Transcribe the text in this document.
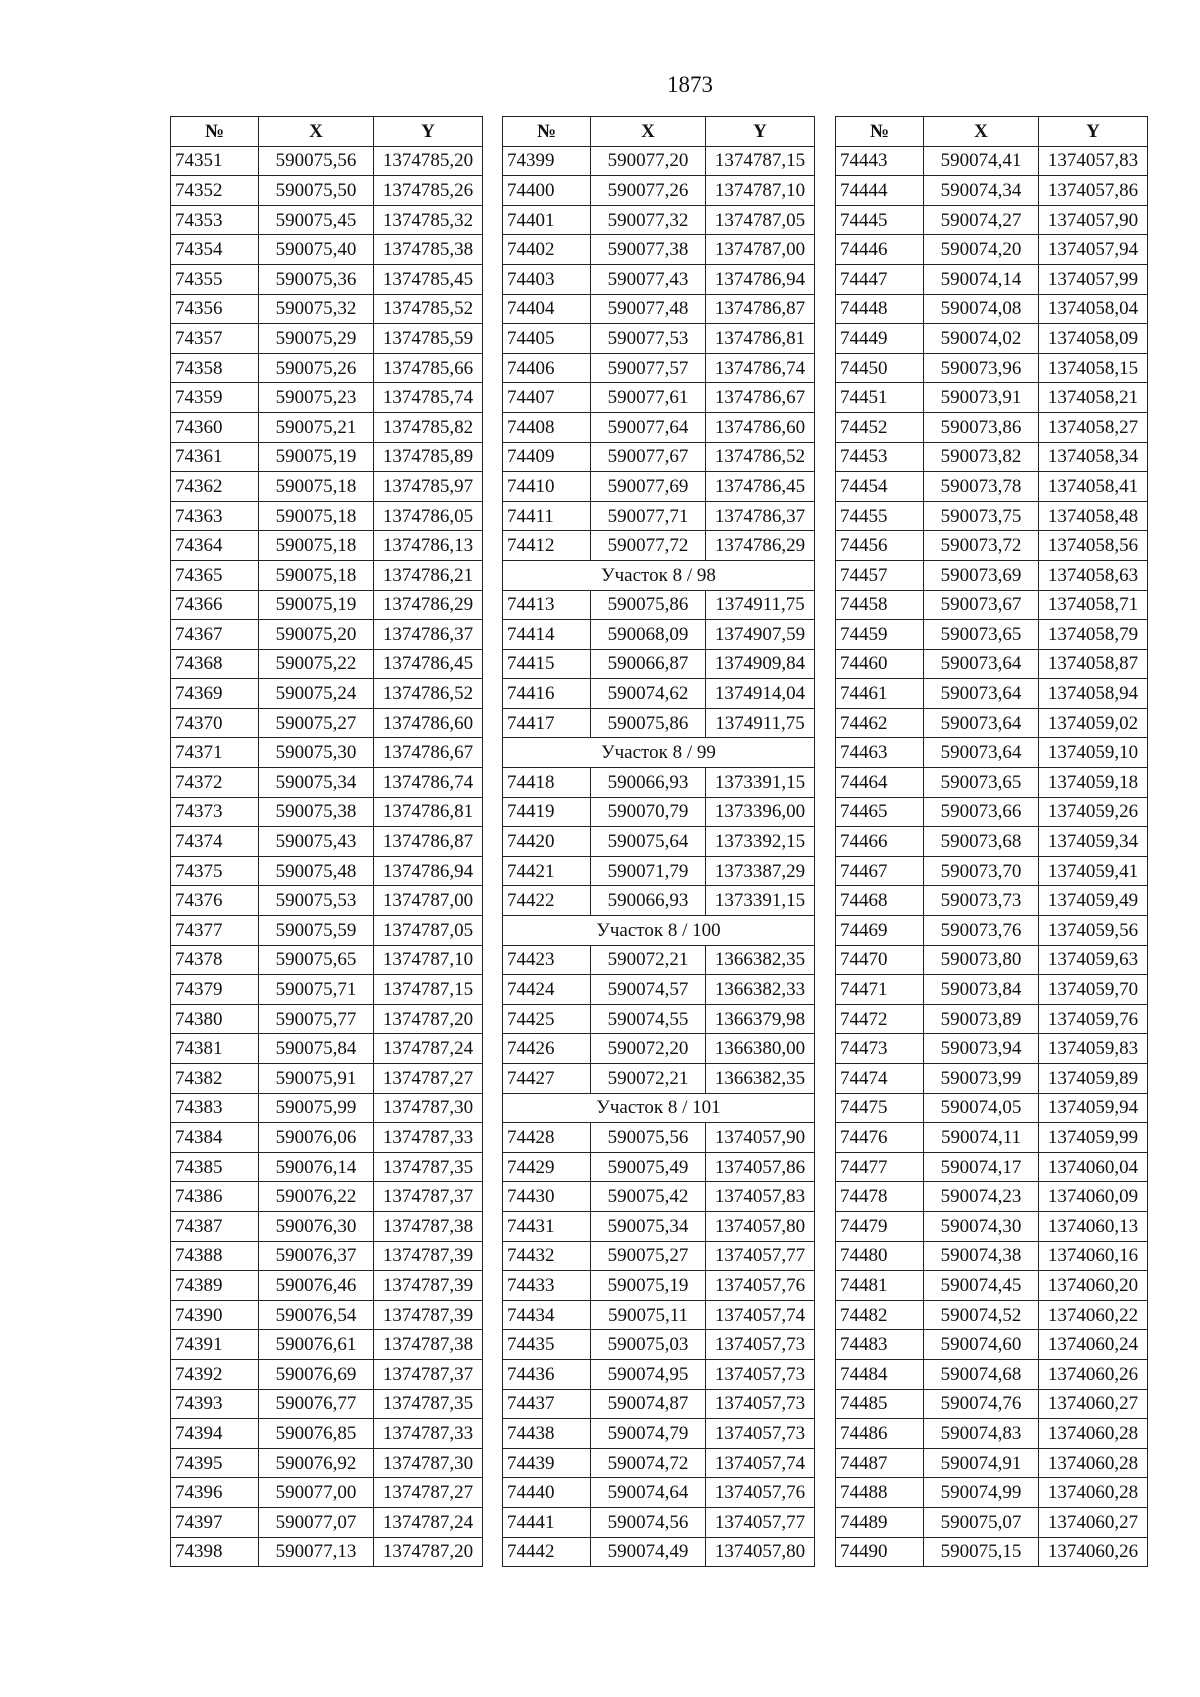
1873
№	X	Y
74351	590075,56	1374785,20
74352	590075,50	1374785,26
74353	590075,45	1374785,32
74354	590075,40	1374785,38
74355	590075,36	1374785,45
74356	590075,32	1374785,52
74357	590075,29	1374785,59
74358	590075,26	1374785,66
74359	590075,23	1374785,74
74360	590075,21	1374785,82
74361	590075,19	1374785,89
74362	590075,18	1374785,97
74363	590075,18	1374786,05
74364	590075,18	1374786,13
74365	590075,18	1374786,21
74366	590075,19	1374786,29
74367	590075,20	1374786,37
74368	590075,22	1374786,45
74369	590075,24	1374786,52
74370	590075,27	1374786,60
74371	590075,30	1374786,67
74372	590075,34	1374786,74
74373	590075,38	1374786,81
74374	590075,43	1374786,87
74375	590075,48	1374786,94
74376	590075,53	1374787,00
74377	590075,59	1374787,05
74378	590075,65	1374787,10
74379	590075,71	1374787,15
74380	590075,77	1374787,20
74381	590075,84	1374787,24
74382	590075,91	1374787,27
74383	590075,99	1374787,30
74384	590076,06	1374787,33
74385	590076,14	1374787,35
74386	590076,22	1374787,37
74387	590076,30	1374787,38
74388	590076,37	1374787,39
74389	590076,46	1374787,39
74390	590076,54	1374787,39
74391	590076,61	1374787,38
74392	590076,69	1374787,37
74393	590076,77	1374787,35
74394	590076,85	1374787,33
74395	590076,92	1374787,30
74396	590077,00	1374787,27
74397	590077,07	1374787,24
74398	590077,13	1374787,20
№	X	Y
74399	590077,20	1374787,15
74400	590077,26	1374787,10
74401	590077,32	1374787,05
74402	590077,38	1374787,00
74403	590077,43	1374786,94
74404	590077,48	1374786,87
74405	590077,53	1374786,81
74406	590077,57	1374786,74
74407	590077,61	1374786,67
74408	590077,64	1374786,60
74409	590077,67	1374786,52
74410	590077,69	1374786,45
74411	590077,71	1374786,37
74412	590077,72	1374786,29
Участок 8 / 98		
74413	590075,86	1374911,75
74414	590068,09	1374907,59
74415	590066,87	1374909,84
74416	590074,62	1374914,04
74417	590075,86	1374911,75
Участок 8 / 99		
74418	590066,93	1373391,15
74419	590070,79	1373396,00
74420	590075,64	1373392,15
74421	590071,79	1373387,29
74422	590066,93	1373391,15
Участок 8 / 100		
74423	590072,21	1366382,35
74424	590074,57	1366382,33
74425	590074,55	1366379,98
74426	590072,20	1366380,00
74427	590072,21	1366382,35
Участок 8 / 101		
74428	590075,56	1374057,90
74429	590075,49	1374057,86
74430	590075,42	1374057,83
74431	590075,34	1374057,80
74432	590075,27	1374057,77
74433	590075,19	1374057,76
74434	590075,11	1374057,74
74435	590075,03	1374057,73
74436	590074,95	1374057,73
74437	590074,87	1374057,73
74438	590074,79	1374057,73
74439	590074,72	1374057,74
74440	590074,64	1374057,76
74441	590074,56	1374057,77
74442	590074,49	1374057,80
№	X	Y
74443	590074,41	1374057,83
74444	590074,34	1374057,86
74445	590074,27	1374057,90
74446	590074,20	1374057,94
74447	590074,14	1374057,99
74448	590074,08	1374058,04
74449	590074,02	1374058,09
74450	590073,96	1374058,15
74451	590073,91	1374058,21
74452	590073,86	1374058,27
74453	590073,82	1374058,34
74454	590073,78	1374058,41
74455	590073,75	1374058,48
74456	590073,72	1374058,56
74457	590073,69	1374058,63
74458	590073,67	1374058,71
74459	590073,65	1374058,79
74460	590073,64	1374058,87
74461	590073,64	1374058,94
74462	590073,64	1374059,02
74463	590073,64	1374059,10
74464	590073,65	1374059,18
74465	590073,66	1374059,26
74466	590073,68	1374059,34
74467	590073,70	1374059,41
74468	590073,73	1374059,49
74469	590073,76	1374059,56
74470	590073,80	1374059,63
74471	590073,84	1374059,70
74472	590073,89	1374059,76
74473	590073,94	1374059,83
74474	590073,99	1374059,89
74475	590074,05	1374059,94
74476	590074,11	1374059,99
74477	590074,17	1374060,04
74478	590074,23	1374060,09
74479	590074,30	1374060,13
74480	590074,38	1374060,16
74481	590074,45	1374060,20
74482	590074,52	1374060,22
74483	590074,60	1374060,24
74484	590074,68	1374060,26
74485	590074,76	1374060,27
74486	590074,83	1374060,28
74487	590074,91	1374060,28
74488	590074,99	1374060,28
74489	590075,07	1374060,27
74490	590075,15	1374060,26
